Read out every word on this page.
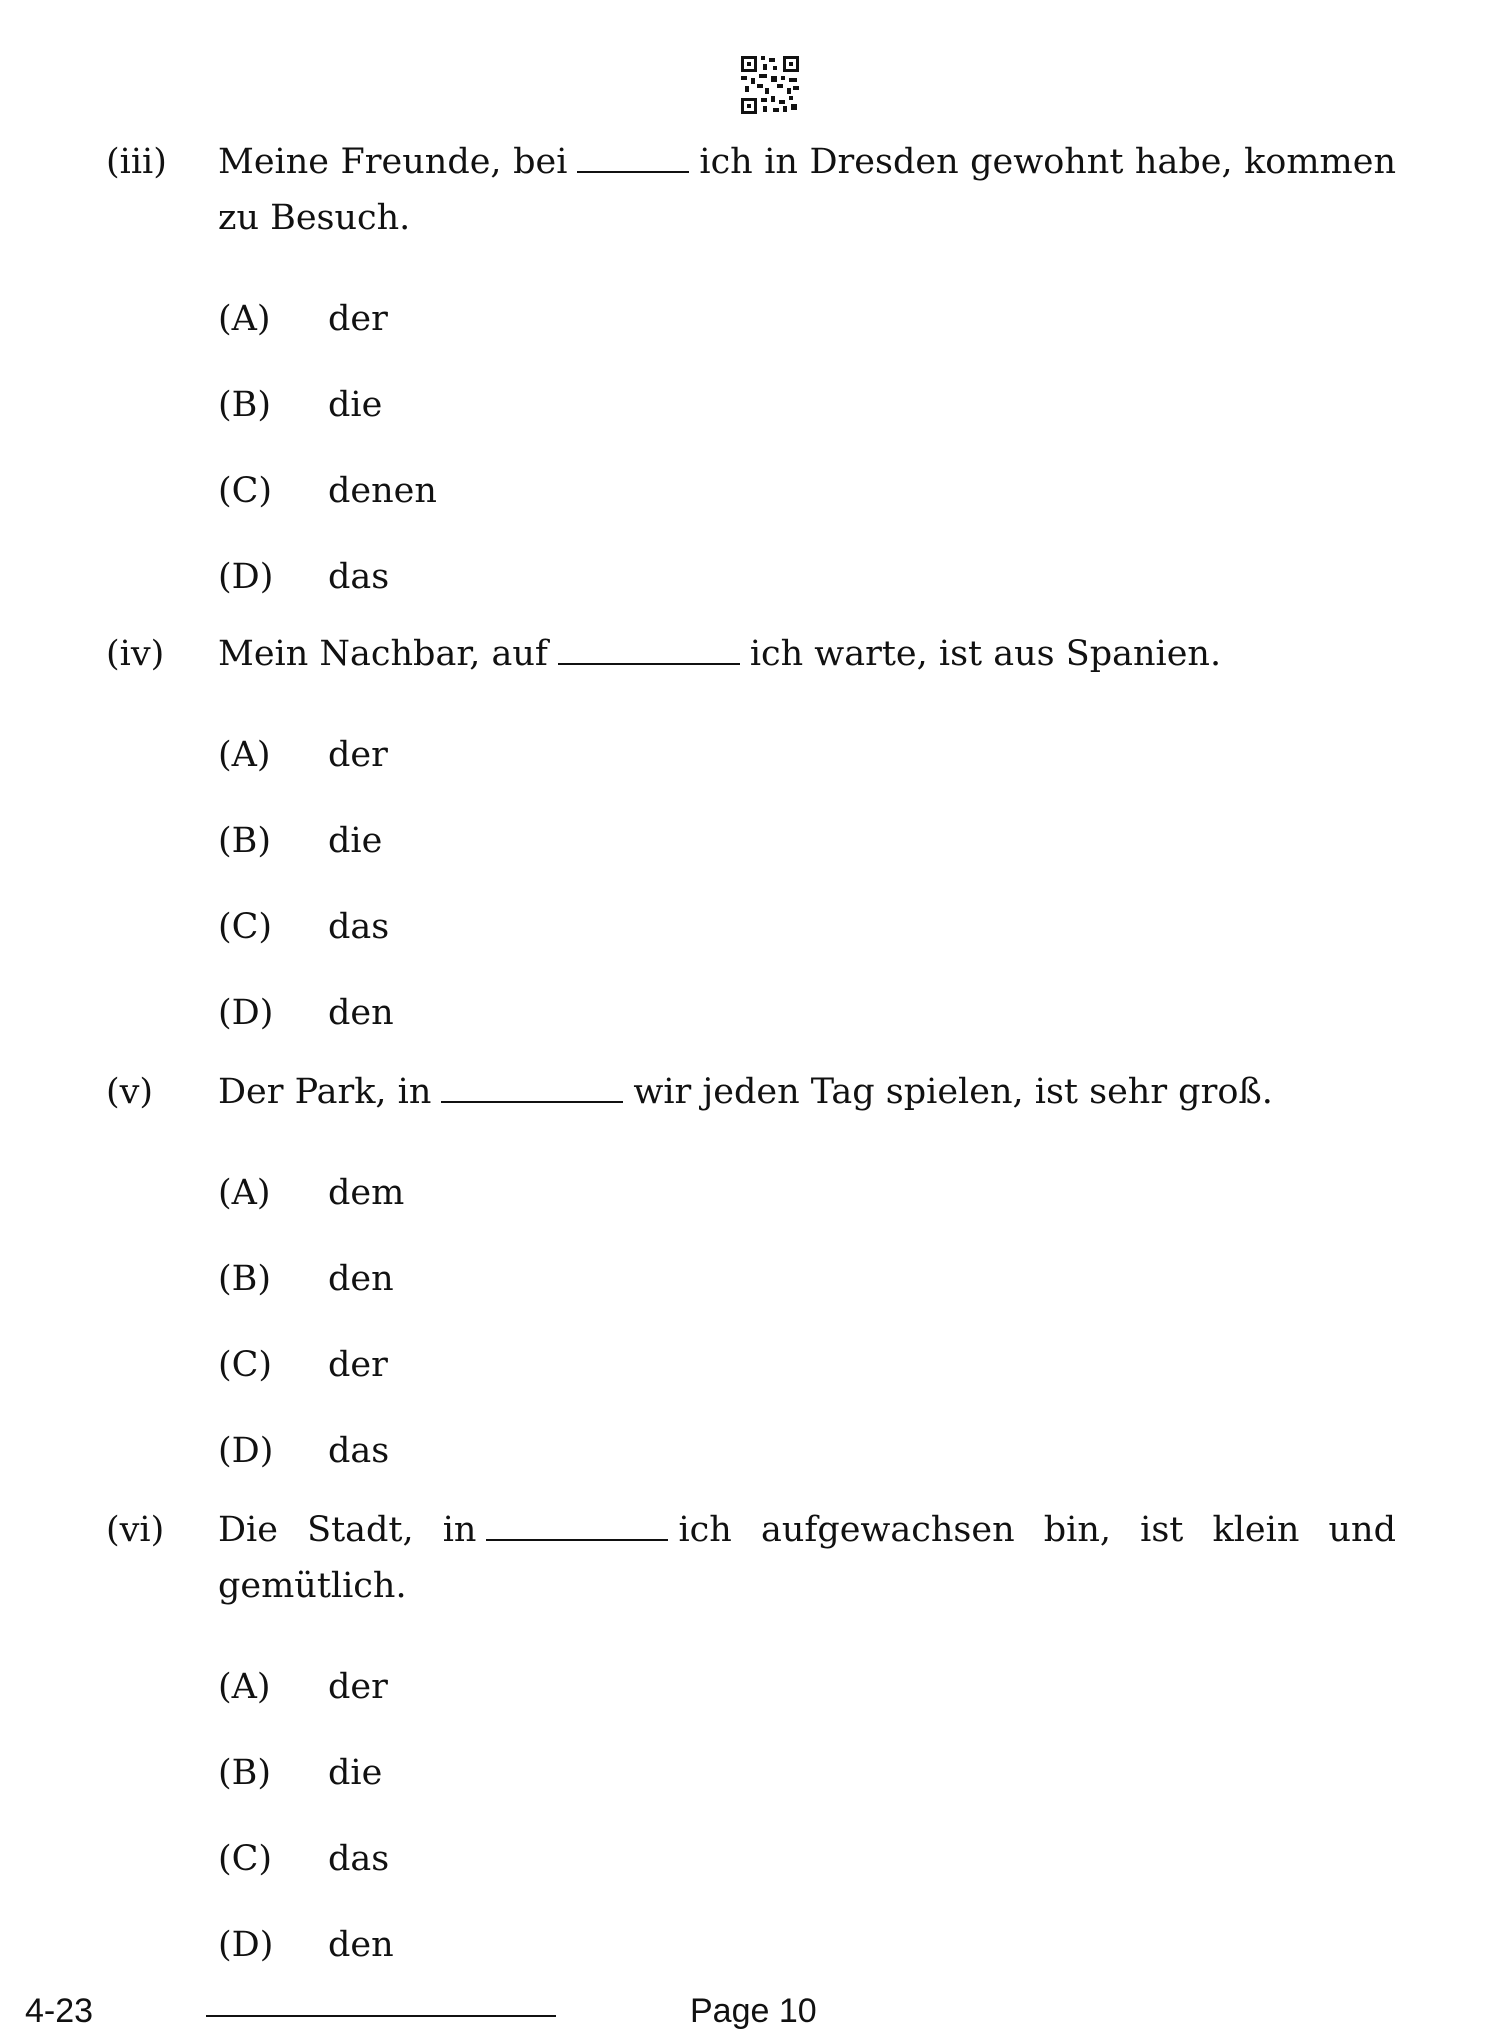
(iii)	Meine Freunde, bei	ich in Dresden gewohnt habe, kommen zu Besuch.
(A)	der
(B)	die
(C)	denen
(D)	das
(iv)	Mein Nachbar, auf	ich warte, ist aus Spanien.
(A)	der
(B)	die
(C)	das
(D)	den
(v)	Der Park, in	wir jeden Tag spielen, ist sehr groß.
(A)	dem
(B)	den
(C)	der
(D)	das
(vi)	Die Stadt, in	ich aufgewachsen bin, ist klein und gemütlich.
(A)	der
(B)	die
(C)	das
(D)	den
4-23	Page 10
